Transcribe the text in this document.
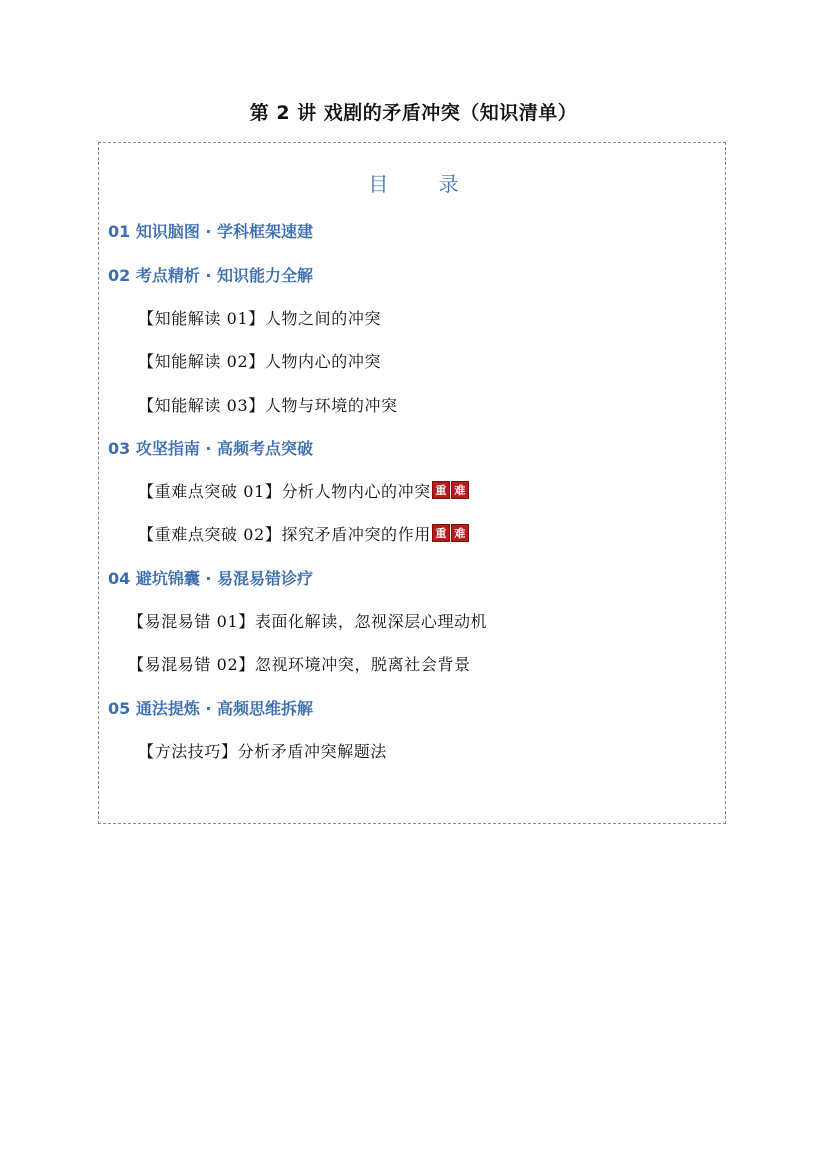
第 2 讲 戏剧的矛盾冲突（知识清单）
目 录
01 知识脑图 · 学科框架速建
02 考点精析 · 知识能力全解
【知能解读 01】人物之间的冲突
【知能解读 02】人物内心的冲突
【知能解读 03】人物与环境的冲突
03 攻坚指南 · 高频考点突破
【重难点突破 01】分析人物内心的冲突 重 难
【重难点突破 02】探究矛盾冲突的作用 重 难
04 避坑锦囊 · 易混易错诊疗
【易混易错 01】表面化解读，忽视深层心理动机
【易混易错 02】忽视环境冲突，脱离社会背景
05 通法提炼 · 高频思维拆解
【方法技巧】分析矛盾冲突解题法
